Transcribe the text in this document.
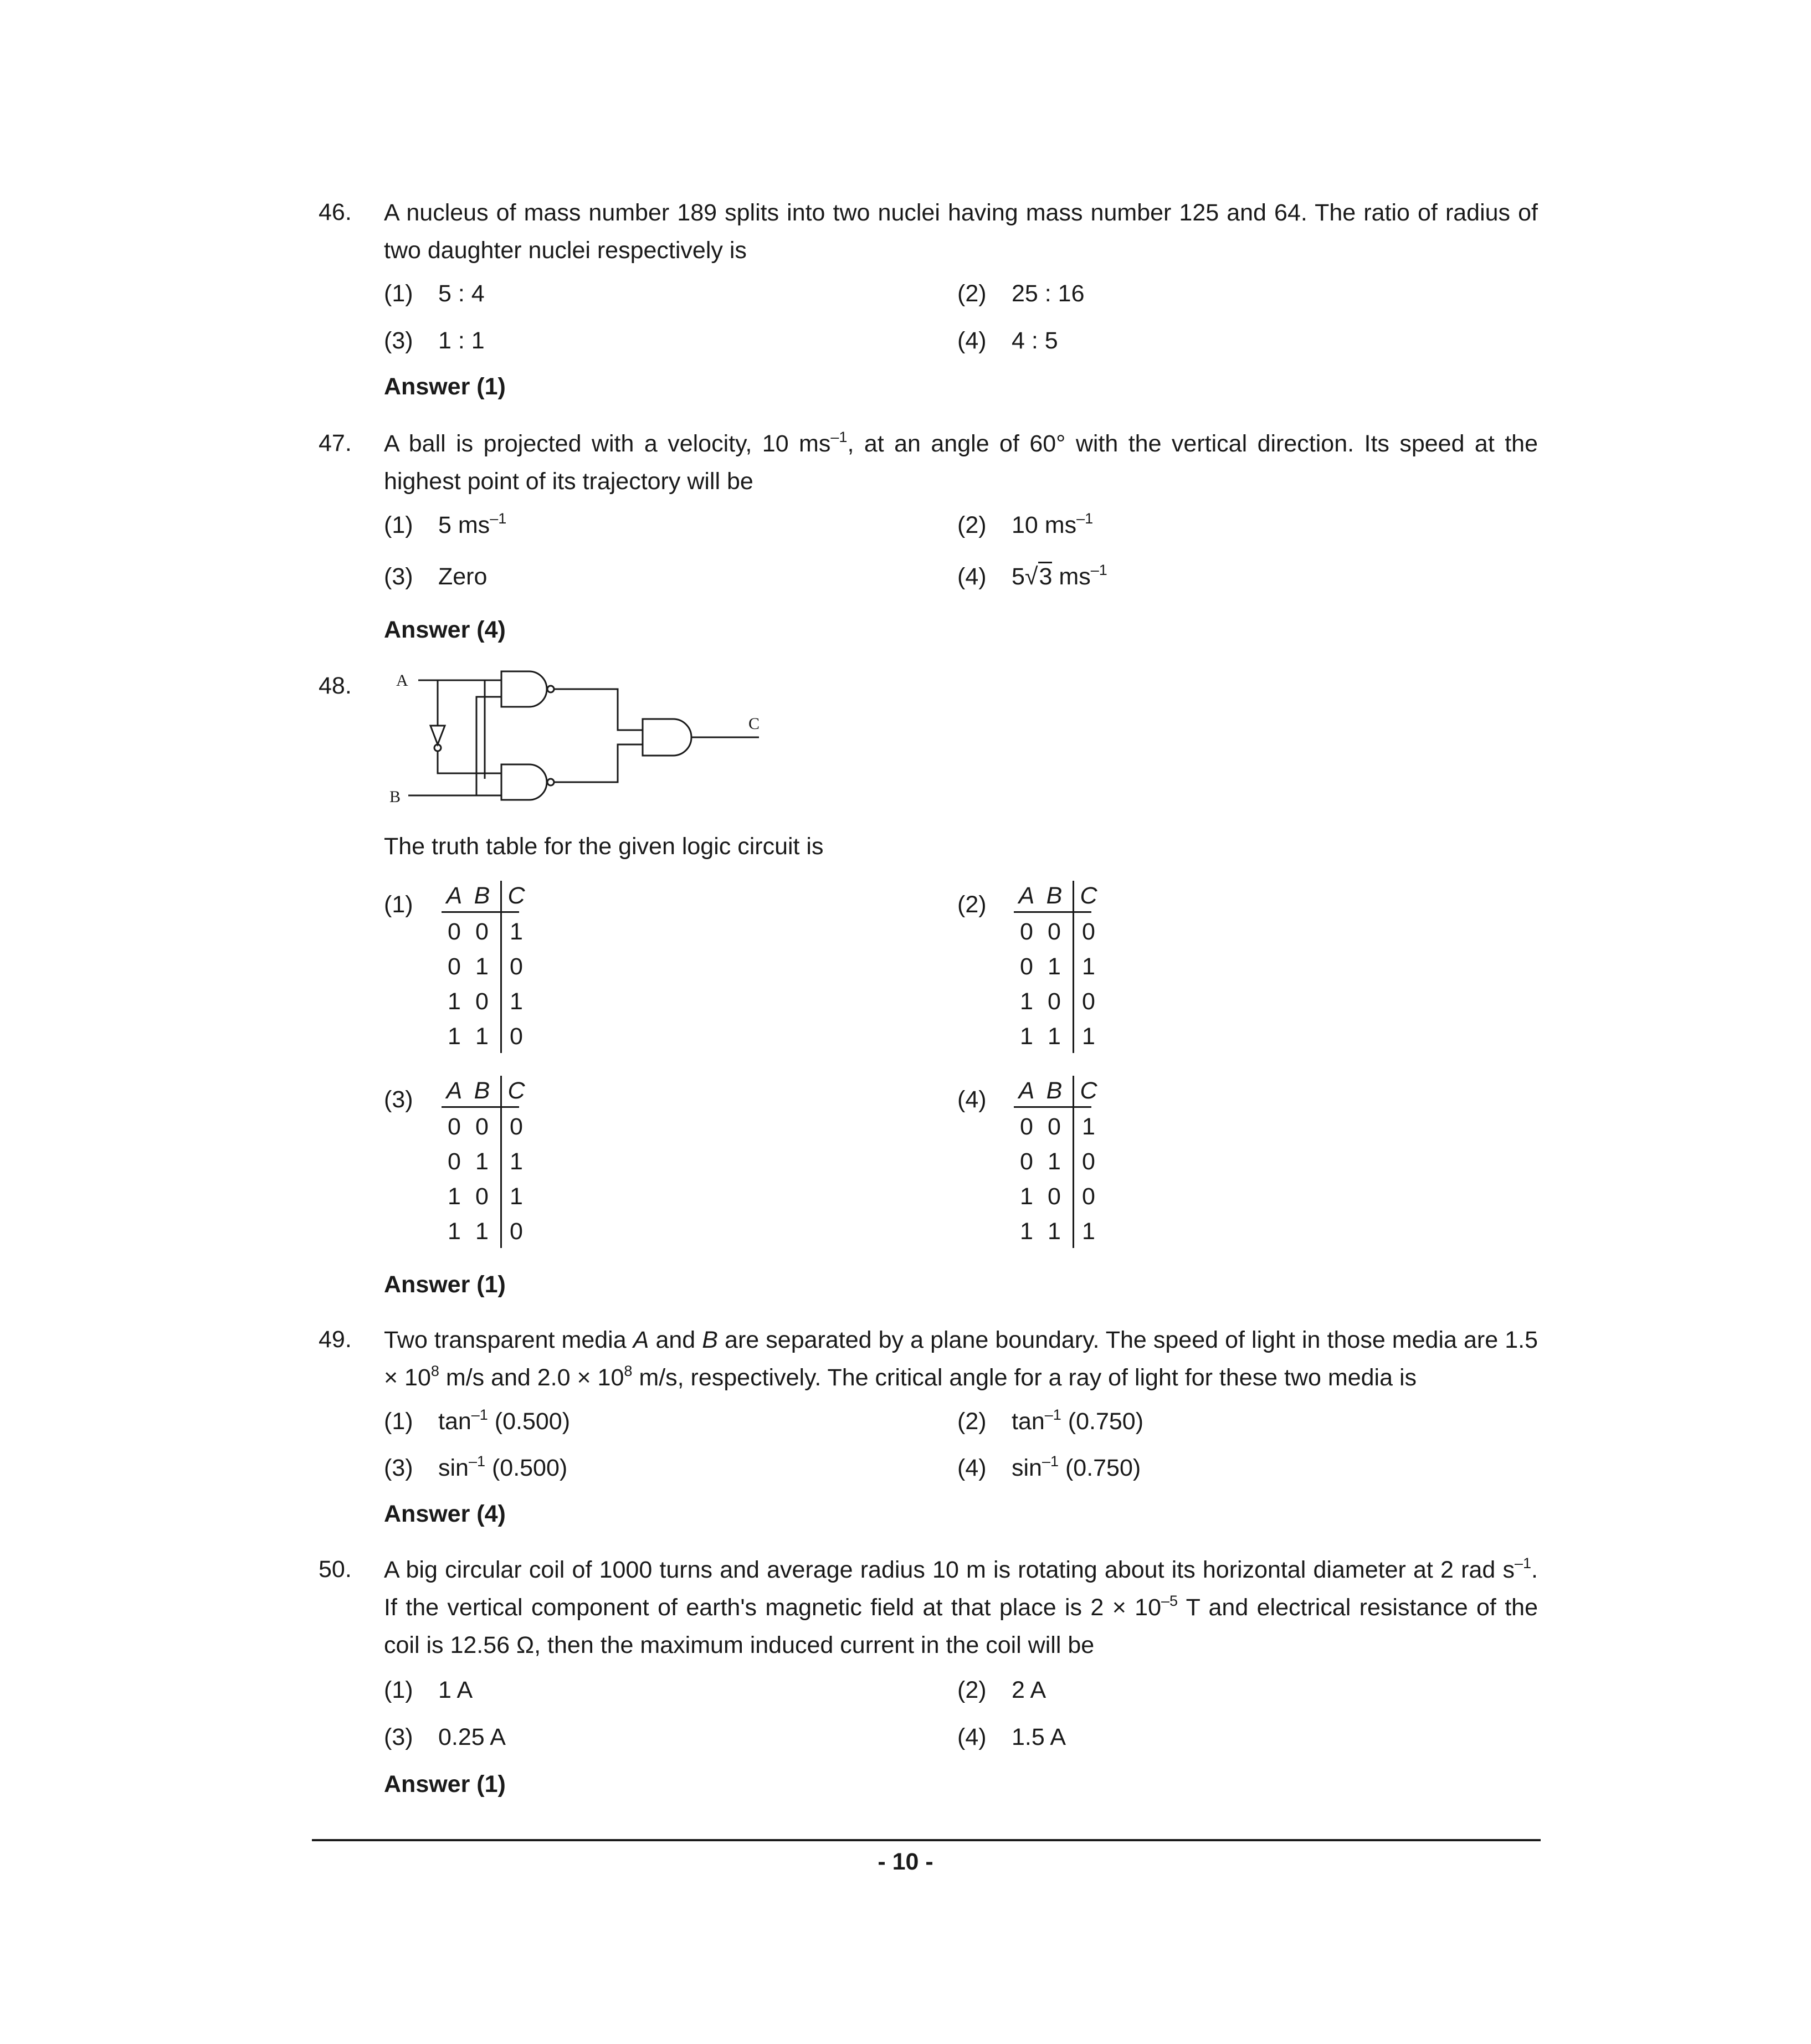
46. A nucleus of mass number 189 splits into two nuclei having mass number 125 and 64. The ratio of radius of two daughter nuclei respectively is
(1) 5 : 4	(2) 25 : 16
(3) 1 : 1	(4) 4 : 5
Answer (1)
47. A ball is projected with a velocity, 10 $ms^{-1}$, at an angle of 60° with the vertical direction. Its speed at the highest point of its trajectory will be
(1) 5 $ms^{-1}$	(2) 10 $ms^{-1}$
(3) Zero	(4) 5√3 $ms^{-1}$
Answer (4)
48.	A
B
C
The truth table for the given logic circuit is
(1)	(2)
(3)	(4)
A B C
0 0 1
0 1 0
1 0 1
1 1 0
A B C
0 0 0
0 1 1
1 0 0
1 1 1
A B C
0 0 0
0 1 1
1 0 1
1 1 0
A B C
0 0 1
0 1 0
1 0 0
1 1 1
Answer (1)
49. Two transparent media A and B are separated by a plane boundary. The speed of light in those media are $1.5 \times 10^8$ m/s and $2.0 \times 10^8$ m/s, respectively. The critical angle for a ray of light for these two media is
(1) $\tan^{-1} (0.500)$	(2) $\tan^{-1} (0.750)$
(3) $\sin^{-1} (0.500)$	(4) $\sin^{-1} (0.750)$
Answer (4)
50. A big circular coil of 1000 turns and average radius 10 m is rotating about its horizontal diameter at 2 rad $s^{-1}$. If the vertical component of earth's magnetic field at that place is $2 \times 10^{-5}$ T and electrical resistance of the coil is 12.56 Ω, then the maximum induced current in the coil will be
(1) 1 A	(2) 2 A
(3) 0.25 A	(4) 1.5 A
Answer (1)
- 10 -
